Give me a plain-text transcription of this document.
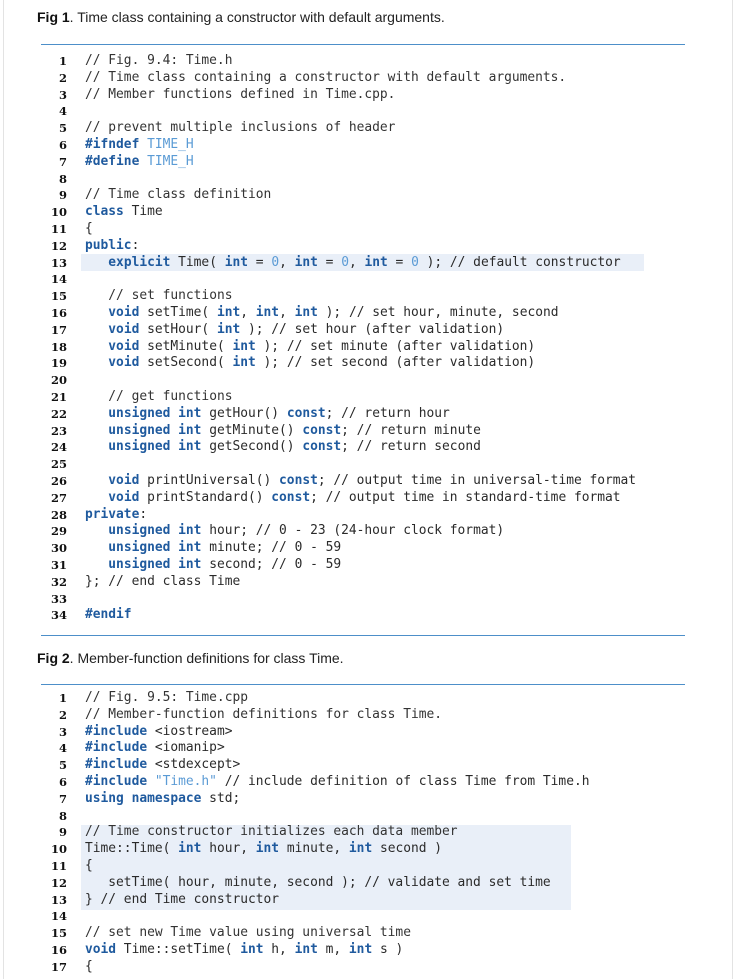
Fig 1. Time class containing a constructor with default arguments.
1 // Fig. 9.4: Time.h
2 // Time class containing a constructor with default arguments.
3 // Member functions defined in Time.cpp.
4
5 // prevent multiple inclusions of header
6 #ifndef TIME_H
7 #define TIME_H
8
9 // Time class definition
10 class Time
11 {
12 public:
13	explicit Time( int = 0, int = 0, int = 0 ); // default constructor
14
15	// set functions
16	void setTime( int, int, int ); // set hour, minute, second
17	void setHour( int ); // set hour (after validation)
18	void setMinute( int ); // set minute (after validation)
19	void setSecond( int ); // set second (after validation)
20
21	// get functions
22	unsigned int getHour() const; // return hour
23	unsigned int getMinute() const; // return minute
24	unsigned int getSecond() const; // return second
25
26	void printUniversal() const; // output time in universal-time format
27	void printStandard() const; // output time in standard-time format
28 private:
29	unsigned int hour; // 0 - 23 (24-hour clock format)
30	unsigned int minute; // 0 - 59
31	unsigned int second; // 0 - 59
32 }; // end class Time
33
34 #endif
Fig 2. Member-function definitions for class Time.
1 // Fig. 9.5: Time.cpp
2 // Member-function definitions for class Time.
3 #include <iostream>
4 #include <iomanip>
5 #include <stdexcept>
6 #include "Time.h" // include definition of class Time from Time.h
7 using namespace std;
8
9 // Time constructor initializes each data member
10 Time::Time( int hour, int minute, int second )
11 {
12 setTime( hour, minute, second ); // validate and set time
13 } // end Time constructor
14
15 // set new Time value using universal time
16 void Time::setTime( int h, int m, int s )
17 {
